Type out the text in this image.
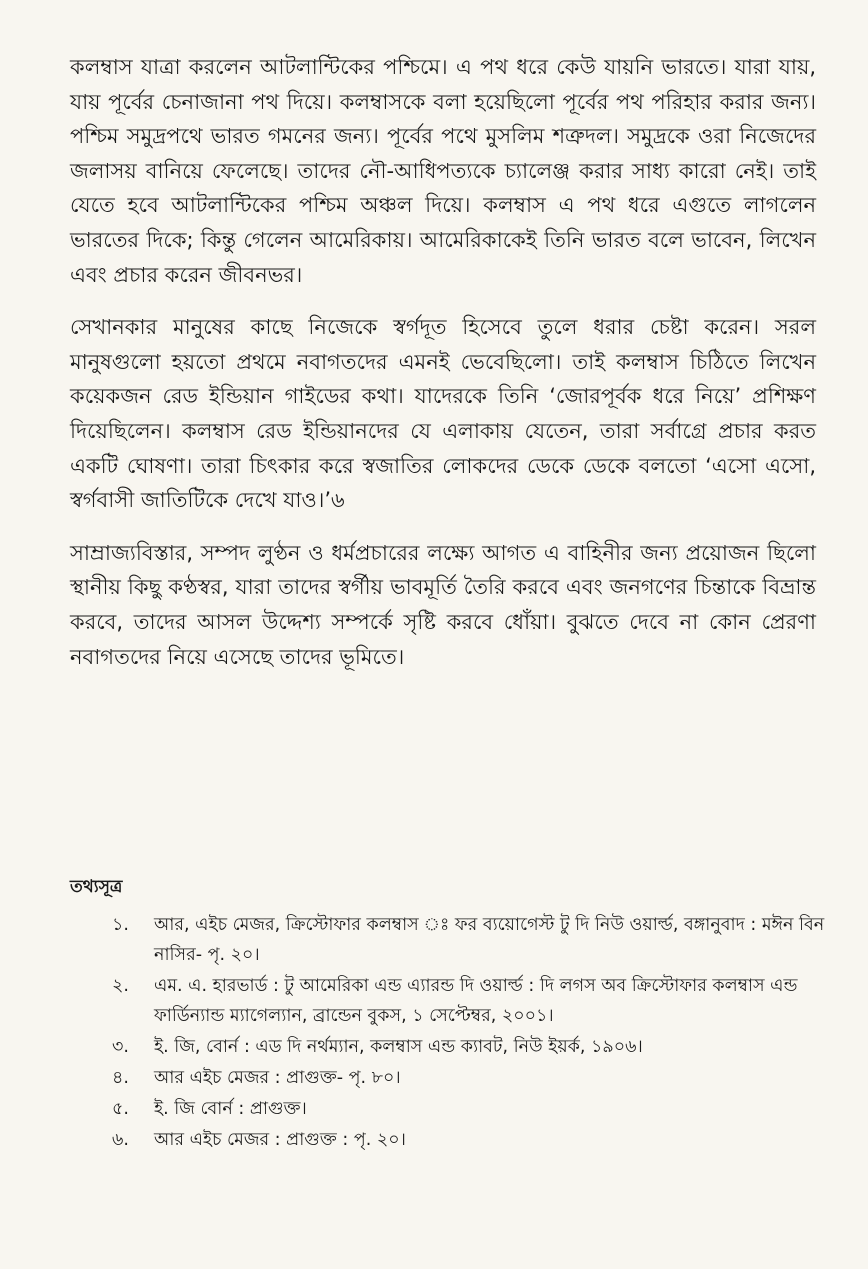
কলম্বাস যাত্রা করলেন আটলান্টিকের পশ্চিমে। এ পথ ধরে কেউ যায়নি ভারতে। যারা যায়, যায় পূর্বের চেনাজানা পথ দিয়ে। কলম্বাসকে বলা হয়েছিলো পূর্বের পথ পরিহার করার জন্য। পশ্চিম সমুদ্রপথে ভারত গমনের জন্য। পূর্বের পথে মুসলিম শত্রুদল। সমুদ্রকে ওরা নিজেদের জলাসয় বানিয়ে ফেলেছে। তাদের নৌ-আধিপত্যকে চ্যালেঞ্জ করার সাধ্য কারো নেই। তাই যেতে হবে আটলান্টিকের পশ্চিম অঞ্চল দিয়ে। কলম্বাস এ পথ ধরে এগুতে লাগলেন ভারতের দিকে; কিন্তু গেলেন আমেরিকায়। আমেরিকাকেই তিনি ভারত বলে ভাবেন, লিখেন এবং প্রচার করেন জীবনভর।

সেখানকার মানুষের কাছে নিজেকে স্বর্গদূত হিসেবে তুলে ধরার চেষ্টা করেন। সরল মানুষগুলো হয়তো প্রথমে নবাগতদের এমনই ভেবেছিলো। তাই কলম্বাস চিঠিতে লিখেন কয়েকজন রেড ইন্ডিয়ান গাইডের কথা। যাদেরকে তিনি ‘জোরপূর্বক ধরে নিয়ে’ প্রশিক্ষণ দিয়েছিলেন। কলম্বাস রেড ইন্ডিয়ানদের যে এলাকায় যেতেন, তারা সর্বাগ্রে প্রচার করত একটি ঘোষণা। তারা চিৎকার করে স্বজাতির লোকদের ডেকে ডেকে বলতো ‘এসো এসো, স্বর্গবাসী জাতিটিকে দেখে যাও।’৬

সাম্রাজ্যবিস্তার, সম্পদ লুণ্ঠন ও ধর্মপ্রচারের লক্ষ্যে আগত এ বাহিনীর জন্য প্রয়োজন ছিলো স্থানীয় কিছু কণ্ঠস্বর, যারা তাদের স্বর্গীয় ভাবমূর্তি তৈরি করবে এবং জনগণের চিন্তাকে বিভ্রান্ত করবে, তাদের আসল উদ্দেশ্য সম্পর্কে সৃষ্টি করবে ধোঁয়া। বুঝতে দেবে না কোন প্রেরণা নবাগতদের নিয়ে এসেছে তাদের ভূমিতে।

তথ্যসূত্র
১.	আর, এইচ মেজর, ক্রিস্টোফার কলম্বাস ঃ ফর ব্যয়োগেস্ট টু দি নিউ ওয়ার্ল্ড, বঙ্গানুবাদ : মঈন বিন নাসির- পৃ. ২০।
২.	এম. এ. হারভার্ড : টু আমেরিকা এন্ড এ্যারন্ড দি ওয়ার্ল্ড : দি লগস অব ক্রিস্টোফার কলম্বাস এন্ড ফার্ডিন্যান্ড ম্যাগেল্যান, ব্রান্ডেন বুকস, ১ সেপ্টেম্বর, ২০০১।
৩.	ই. জি, বোর্ন : এড দি নর্থম্যান, কলম্বাস এন্ড ক্যাবট, নিউ ইয়র্ক, ১৯০৬।
৪.	আর এইচ মেজর : প্রাগুক্ত- পৃ. ৮০।
৫.	ই. জি বোর্ন : প্রাগুক্ত।
৬.	আর এইচ মেজর : প্রাগুক্ত : পৃ. ২০।
